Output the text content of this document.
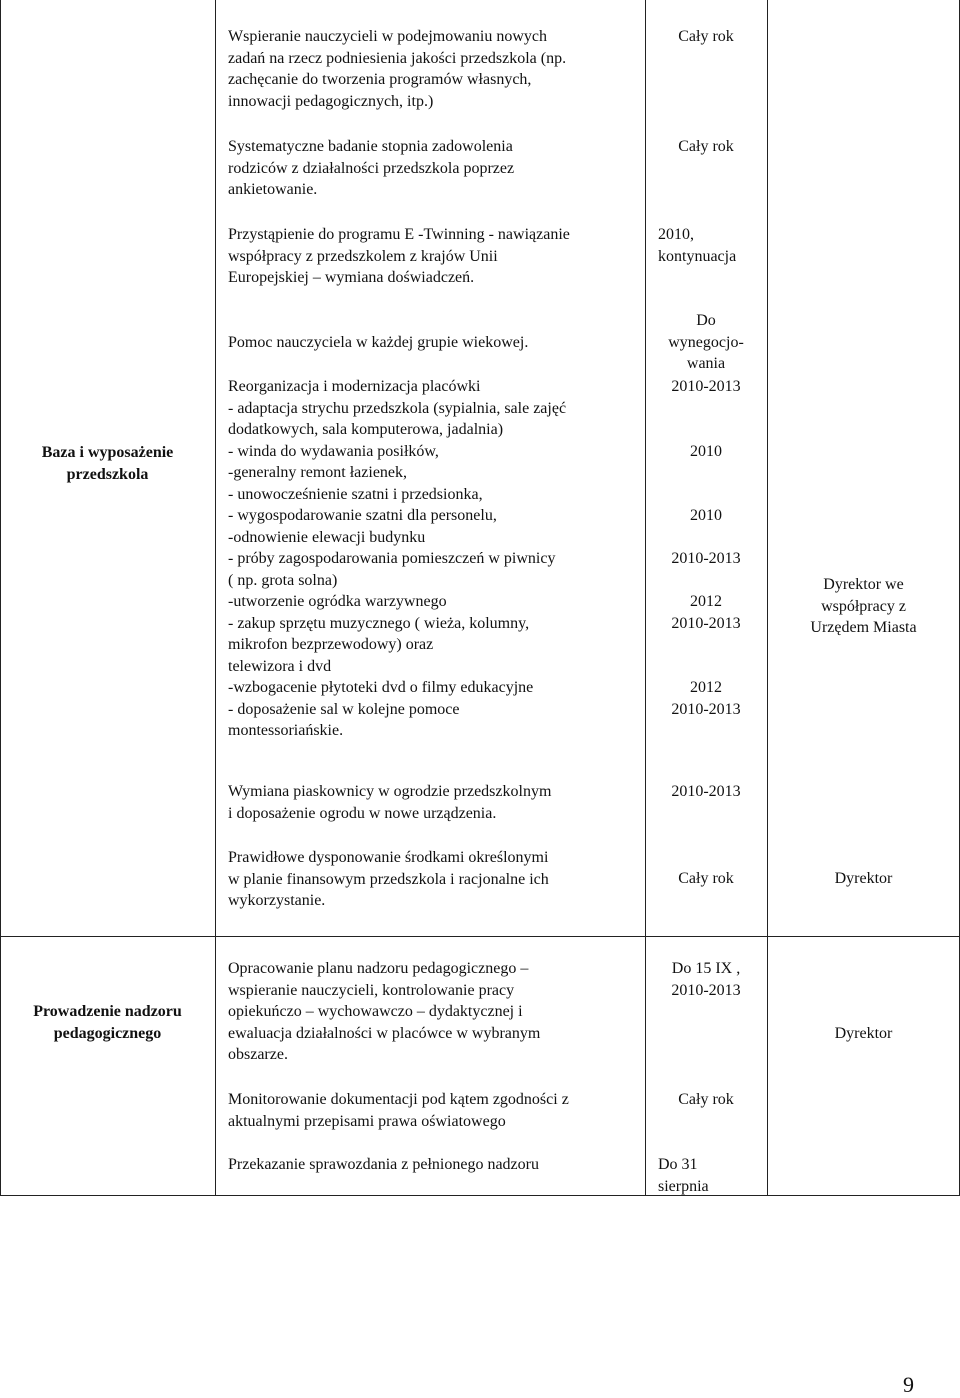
Wspieranie nauczycieli w podejmowaniu nowych
zadań na rzecz podniesienia jakości przedszkola (np.
zachęcanie do tworzenia programów własnych,
innowacji pedagogicznych, itp.)
Cały rok
Systematyczne badanie stopnia zadowolenia
rodziców z działalności przedszkola poprzez
ankietowanie.
Cały rok
Przystąpienie do programu E -Twinning - nawiązanie
współpracy z przedszkolem z krajów Unii
Europejskiej – wymiana doświadczeń.
2010,
kontynuacja
Baza i wyposażenie
przedszkola
Pomoc nauczyciela w każdej grupie wiekowej.
Do
wynegocjo-
wania
Reorganizacja i modernizacja placówki
- adaptacja strychu przedszkola (sypialnia, sale zajęć
dodatkowych, sala komputerowa, jadalnia)
- winda do wydawania posiłków,
-generalny remont łazienek,
- unowocześnienie szatni i przedsionka,
- wygospodarowanie szatni dla personelu,
-odnowienie elewacji budynku
- próby zagospodarowania pomieszczeń w piwnicy
( np. grota solna)
-utworzenie ogródka warzywnego
- zakup sprzętu muzycznego ( wieża, kolumny,
mikrofon bezprzewodowy) oraz
telewizora i dvd
-wzbogacenie płytoteki dvd o filmy edukacyjne
- doposażenie sal w kolejne pomoce
montessoriańskie.
2010-2013

2010

2010

2010-2013

2012
2010-2013

2012
2010-2013
Dyrektor we
współpracy z
Urzędem Miasta
Wymiana piaskownicy w ogrodzie przedszkolnym
i doposażenie ogrodu w nowe urządzenia.
2010-2013
Prawidłowe dysponowanie środkami określonymi
w planie finansowym przedszkola i racjonalne ich
wykorzystanie.
Cały rok	Dyrektor
Prowadzenie nadzoru
pedagogicznego
Opracowanie planu nadzoru pedagogicznego –
wspieranie nauczycieli, kontrolowanie pracy
opiekuńczo – wychowawczo – dydaktycznej i
ewaluacja działalności w placówce w wybranym
obszarze.
Do 15 IX ,
2010-2013
Monitorowanie dokumentacji pod kątem zgodności z
aktualnymi przepisami prawa oświatowego
Cały rok
Przekazanie sprawozdania z pełnionego nadzoru	Do 31
sierpnia
Dyrektor
9
